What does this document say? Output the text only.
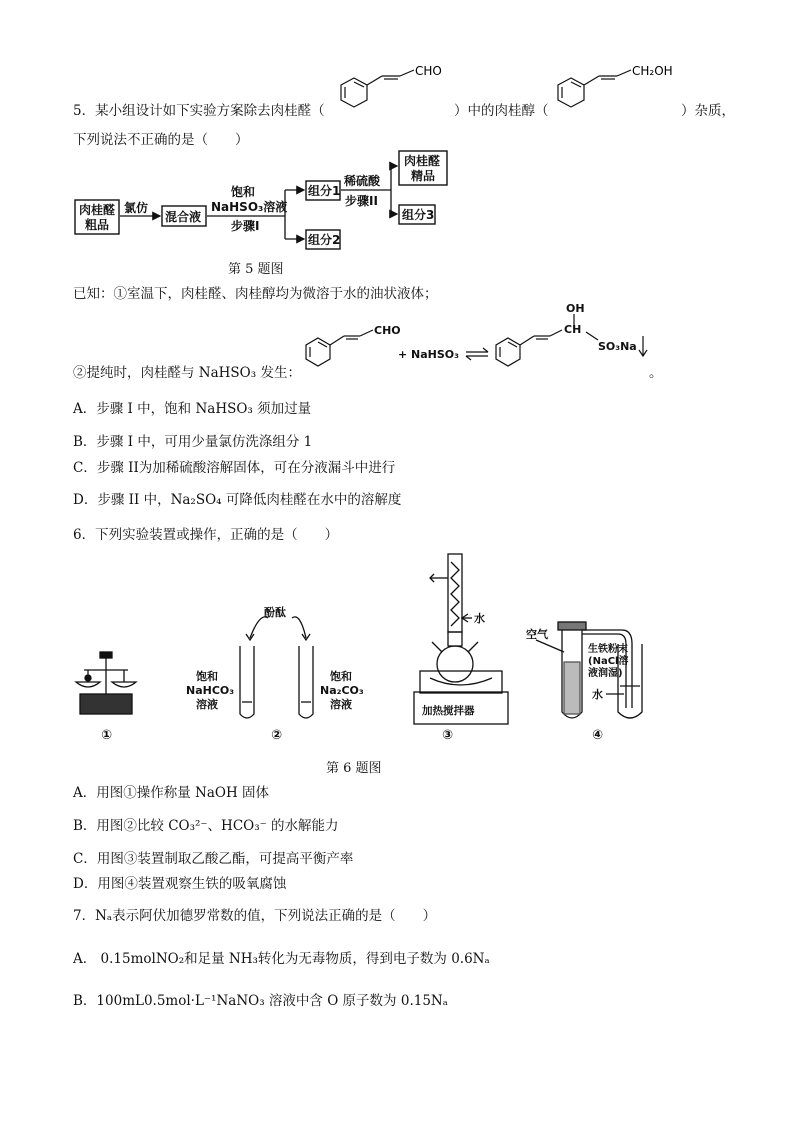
5．某小组设计如下实验方案除去肉桂醛（
CHO
）中的肉桂醇（
CH₂OH
）杂质，
下列说法不正确的是（　　）
肉桂醛
粗品
氯仿
混合液
饱和
NaHSO₃溶液
步骤I
组分1
组分2
稀硫酸
步骤II
肉桂醛
精品
组分3
第 5 题图
已知：①室温下，肉桂醛、肉桂醇均为微溶于水的油状液体；
②提纯时，肉桂醛与 NaHSO₃ 发生：
CHO
+ NaHSO₃
OH
CH
SO₃Na
。
A．步骤 I 中，饱和 NaHSO₃ 须加过量
B．步骤 I 中，可用少量氯仿洗涤组分 1
C．步骤 II为加稀硫酸溶解固体，可在分液漏斗中进行
D．步骤 II 中，Na₂SO₄ 可降低肉桂醛在水中的溶解度
6．下列实验装置或操作，正确的是（　　）
酚酞
饱和
NaHCO₃
溶液
饱和
Na₂CO₃
溶液
水
加热搅拌器
空气
生铁粉末
(NaCl溶
液润湿)
水
①	②	③	④
第 6 题图
A．用图①操作称量 NaOH 固体
B．用图②比较 CO₃²⁻、HCO₃⁻ 的水解能力
C．用图③装置制取乙酸乙酯，可提高平衡产率
D．用图④装置观察生铁的吸氧腐蚀
7．Nₐ表示阿伏加德罗常数的值，下列说法正确的是（　　）
A． 0.15molNO₂和足量 NH₃转化为无毒物质，得到电子数为 0.6Nₐ
B．100mL0.5mol·L⁻¹NaNO₃ 溶液中含 O 原子数为 0.15Nₐ
